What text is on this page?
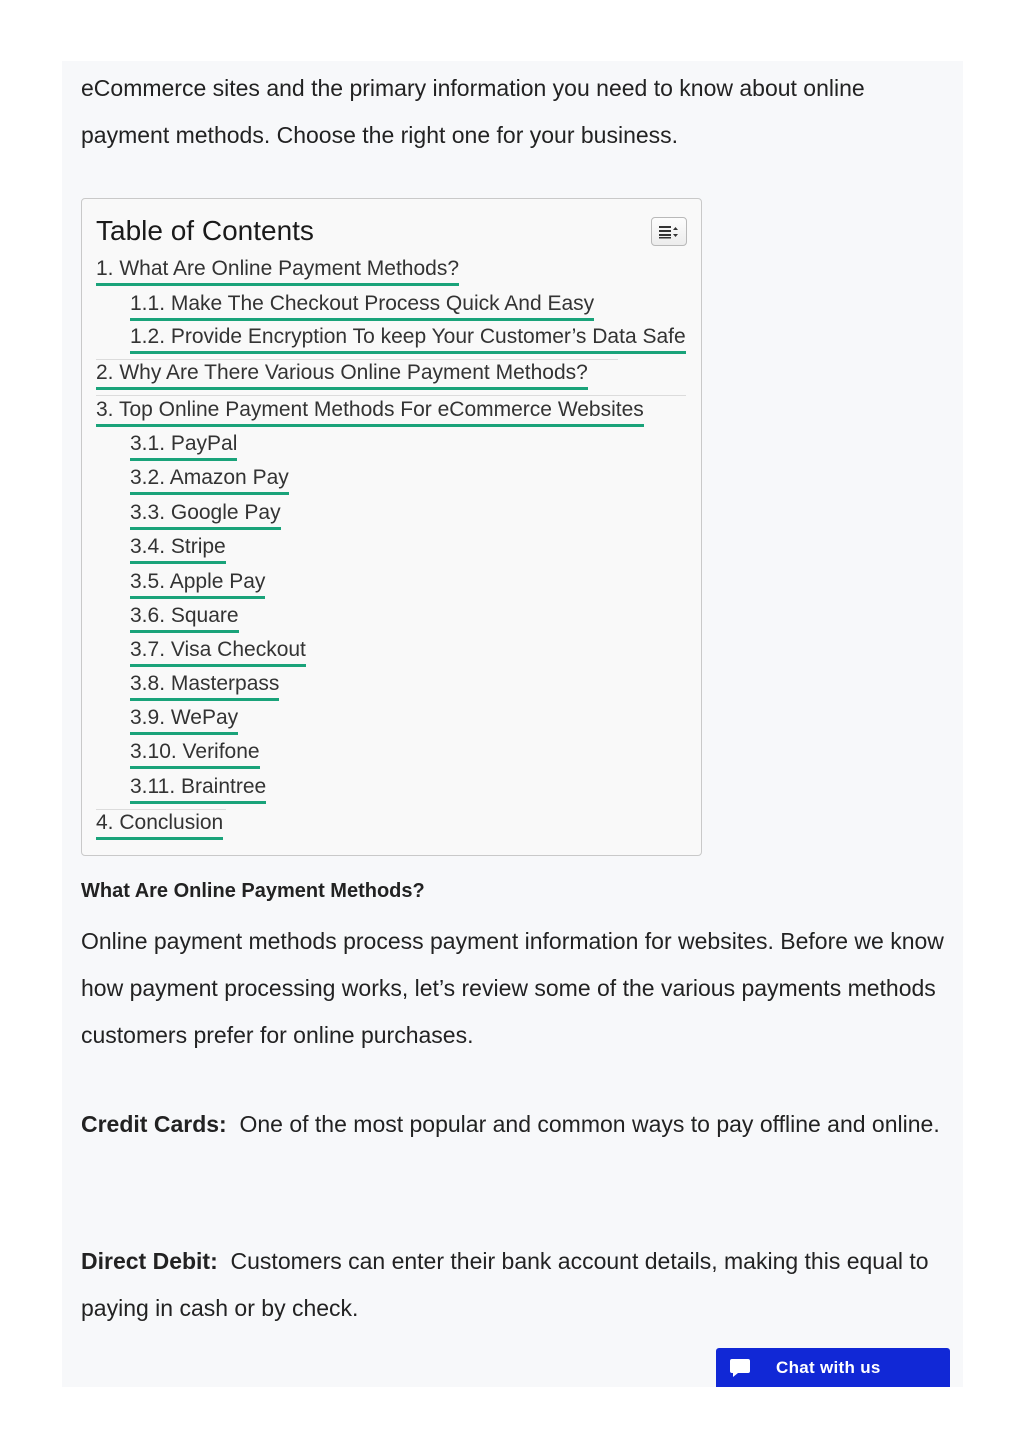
eCommerce sites and the primary information you need to know about online payment methods. Choose the right one for your business.

Table of Contents
1. What Are Online Payment Methods?
1.1. Make The Checkout Process Quick And Easy
1.2. Provide Encryption To keep Your Customer’s Data Safe
2. Why Are There Various Online Payment Methods?
3. Top Online Payment Methods For eCommerce Websites
3.1. PayPal
3.2. Amazon Pay
3.3. Google Pay
3.4. Stripe
3.5. Apple Pay
3.6. Square
3.7. Visa Checkout
3.8. Masterpass
3.9. WePay
3.10. Verifone
3.11. Braintree
4. Conclusion
What Are Online Payment Methods?

Online payment methods process payment information for websites. Before we know how payment processing works, let’s review some of the various payments methods customers prefer for online purchases.

Credit Cards: One of the most popular and common ways to pay offline and online.

Direct Debit: Customers can enter their bank account details, making this equal to paying in cash or by check.

Chat with us
